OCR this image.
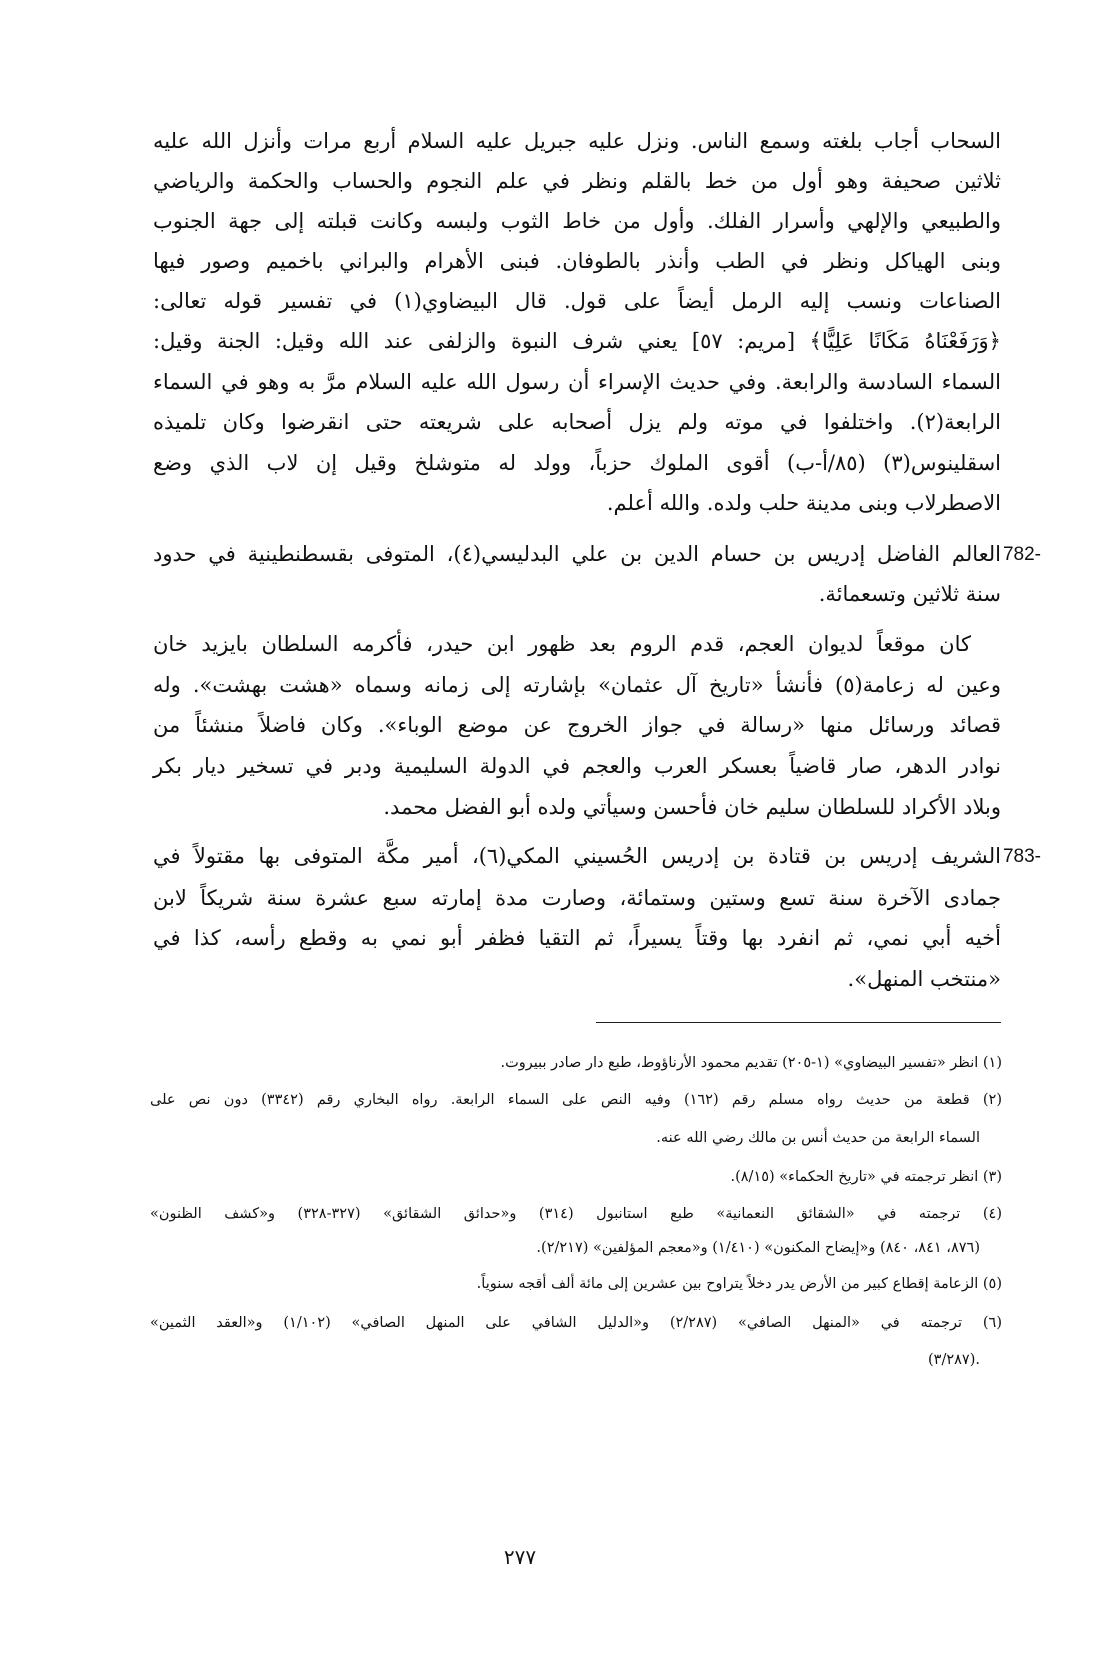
السحاب أجاب بلغته وسمع الناس. ونزل عليه جبريل عليه السلام أربع مرات وأنزل الله عليه
ثلاثين صحيفة وهو أول من خط بالقلم ونظر في علم النجوم والحساب والحكمة والرياضي
والطبيعي والإلهي وأسرار الفلك. وأول من خاط الثوب ولبسه وكانت قبلته إلى جهة الجنوب
وبنى الهياكل ونظر في الطب وأنذر بالطوفان. فبنى الأهرام والبراني باخميم وصور فيها
الصناعات ونسب إليه الرمل أيضاً على قول. قال البيضاوي(١) في تفسير قوله تعالى:
﴿وَرَفَعْنَاهُ مَكَانًا عَلِيًّا﴾ [مريم: ٥٧] يعني شرف النبوة والزلفى عند الله وقيل: الجنة وقيل:
السماء السادسة والرابعة. وفي حديث الإسراء أن رسول الله عليه السلام مرَّ به وهو في السماء
الرابعة(٢). واختلفوا في موته ولم يزل أصحابه على شريعته حتى انقرضوا وكان تلميذه
اسقلينوس(٣) (٨٥/أ-ب) أقوى الملوك حزباً، وولد له متوشلخ وقيل إن لاب الذي وضع
الاصطرلاب وبنى مدينة حلب ولده. والله أعلم.
782-
العالم الفاضل إدريس بن حسام الدين بن علي البدليسي(٤)، المتوفى بقسطنطينية في حدود
سنة ثلاثين وتسعمائة.
كان موقعاً لديوان العجم، قدم الروم بعد ظهور ابن حيدر، فأكرمه السلطان بايزيد خان
وعين له زعامة(٥) فأنشأ «تاريخ آل عثمان» بإشارته إلى زمانه وسماه «هشت بهشت». وله
قصائد ورسائل منها «رسالة في جواز الخروج عن موضع الوباء». وكان فاضلاً منشئاً من
نوادر الدهر، صار قاضياً بعسكر العرب والعجم في الدولة السليمية ودبر في تسخير ديار بكر
وبلاد الأكراد للسلطان سليم خان فأحسن وسيأتي ولده أبو الفضل محمد.
783-
الشريف إدريس بن قتادة بن إدريس الحُسيني المكي(٦)، أمير مكَّة المتوفى بها مقتولاً في
جمادى الآخرة سنة تسع وستين وستمائة، وصارت مدة إمارته سبع عشرة سنة شريكاً لابن
أخيه أبي نمي، ثم انفرد بها وقتاً يسيراً، ثم التقيا فظفر أبو نمي به وقطع رأسه، كذا في
«منتخب المنهل».
(١) انظر «تفسير البيضاوي» (١-٢٠٥) تقديم محمود الأرناؤوط، طبع دار صادر ببيروت.
(٢) قطعة من حديث رواه مسلم رقم (١٦٢) وفيه النص على السماء الرابعة. رواه البخاري رقم (٣٣٤٢) دون نص على
السماء الرابعة من حديث أنس بن مالك رضي الله عنه.
(٣) انظر ترجمته في «تاريخ الحكماء» (٨/١٥).
(٤) ترجمته في «الشقائق النعمانية» طبع استانبول (٣١٤) و«حدائق الشقائق» (٣٢٧-٣٢٨) و«كشف الظنون»
(٨٧٦، ٨٤١، ٨٤٠) و«إيضاح المكنون» (١/٤١٠) و«معجم المؤلفين» (٢/٢١٧).
(٥) الزعامة إقطاع كبير من الأرض يدر دخلاً يتراوح بين عشرين إلى مائة ألف أقجه سنوياً.
(٦) ترجمته في «المنهل الصافي» (٢/٢٨٧) و«الدليل الشافي على المنهل الصافي» (١/١٠٢) و«العقد الثمين»
.(٣/٢٨٧)
٢٧٧
